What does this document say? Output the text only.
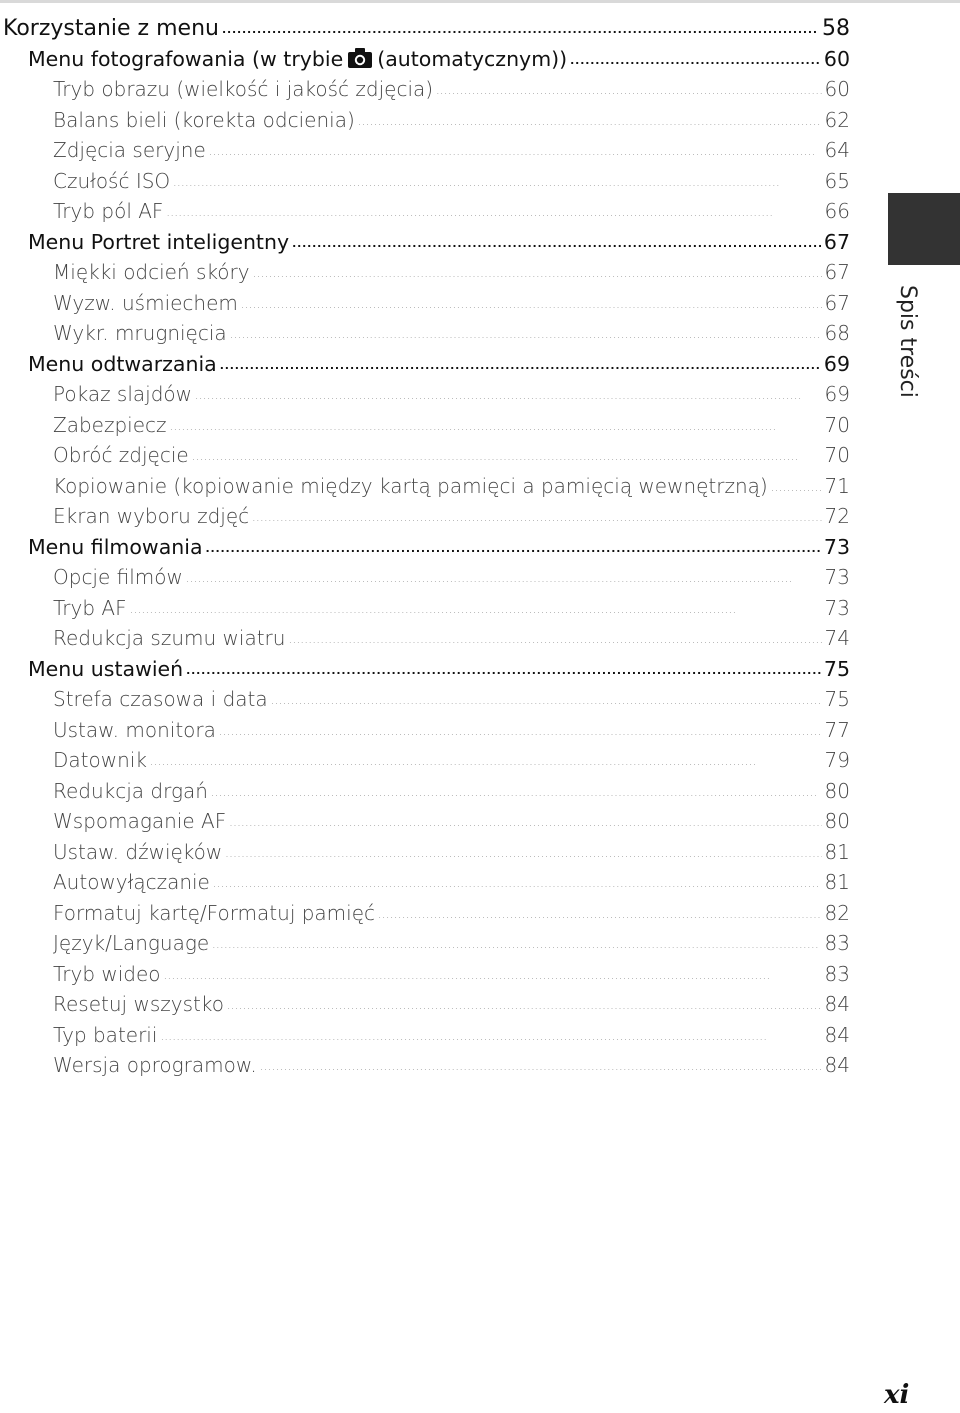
Korzystanie z menu . . .	58
Menu fotografowania (w trybie (automatycznym)) . . .	60
Tryb obrazu (wielkość i jakość zdjęcia) . . .	60
Balans bieli (korekta odcienia) . . .	62
Zdjęcia seryjne . . .	64
Czułość ISO . . .	65
Tryb pól AF . . .	66
Menu Portret inteligentny . . .	67
Miękki odcień skóry . . .	67
Wyzw. uśmiechem . . .	67
Wykr. mrugnięcia . . .	68
Menu odtwarzania . . .	69
Pokaz slajdów . . .	69
Zabezpiecz . . .	70
Obróć zdjęcie . . .	70
Kopiowanie (kopiowanie między kartą pamięci a pamięcią wewnętrzną) . . .	71
Ekran wyboru zdjęć . . .	72
Menu filmowania . . .	73
Opcje filmów . . .	73
Tryb AF . . .	73
Redukcja szumu wiatru . . .	74
Menu ustawień . . .	75
Strefa czasowa i data . . .	75
Ustaw. monitora . . .	77
Datownik . . .	79
Redukcja drgań . . .	80
Wspomaganie AF . . .	80
Ustaw. dźwięków . . .	81
Autowyłączanie . . .	81
Formatuj kartę/Formatuj pamięć . . .	82
Język/Language . . .	83
Tryb wideo . . .	83
Resetuj wszystko . . .	84
Typ baterii . . .	84
Wersja oprogramow. . . .	84
Spis treści
xi
